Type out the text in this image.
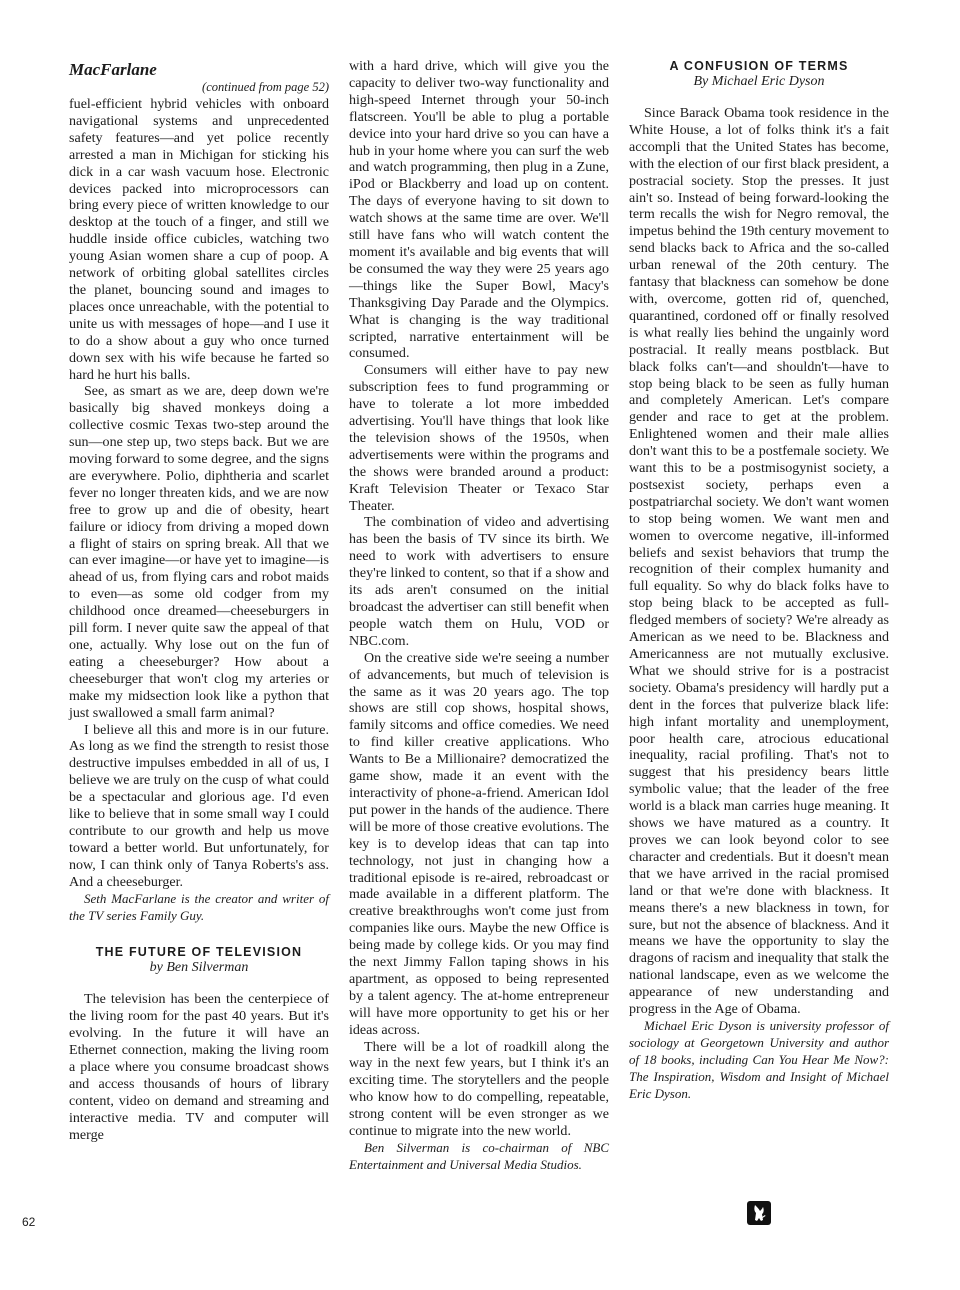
MacFarlane
(continued from page 52)

fuel-efficient hybrid vehicles with onboard navigational systems and unprecedented safety features—and yet police recently arrested a man in Michigan for sticking his dick in a car wash vacuum hose. Electronic devices packed into microprocessors can bring every piece of written knowledge to our desktop at the touch of a finger, and still we huddle inside office cubicles, watching two young Asian women share a cup of poop. A network of orbiting global satellites circles the planet, bouncing sound and images to places once unreachable, with the potential to unite us with messages of hope—and I use it to do a show about a guy who once turned down sex with his wife because he farted so hard he hurt his balls.

See, as smart as we are, deep down we're basically big shaved monkeys doing a collective cosmic Texas two-step around the sun—one step up, two steps back. But we are moving forward to some degree, and the signs are everywhere. Polio, diphtheria and scarlet fever no longer threaten kids, and we are now free to grow up and die of obesity, heart failure or idiocy from driving a moped down a flight of stairs on spring break. All that we can ever imagine—or have yet to imagine—is ahead of us, from flying cars and robot maids to even—as some old codger from my childhood once dreamed—cheeseburgers in pill form. I never quite saw the appeal of that one, actually. Why lose out on the fun of eating a cheeseburger? How about a cheeseburger that won't clog my arteries or make my midsection look like a python that just swallowed a small farm animal?

I believe all this and more is in our future. As long as we find the strength to resist those destructive impulses embedded in all of us, I believe we are truly on the cusp of what could be a spectacular and glorious age. I'd even like to believe that in some small way I could contribute to our growth and help us move toward a better world. But unfortunately, for now, I can think only of Tanya Roberts's ass. And a cheeseburger.

Seth MacFarlane is the creator and writer of the TV series Family Guy.

THE FUTURE OF TELEVISION
by Ben Silverman

The television has been the centerpiece of the living room for the past 40 years. But it's evolving. In the future it will have an Ethernet connection, making the living room a place where you consume broadcast shows and access thousands of hours of library content, video on demand and streaming and interactive media. TV and computer will merge

with a hard drive, which will give you the capacity to deliver two-way functionality and high-speed Internet through your 50-inch flatscreen. You'll be able to plug a portable device into your hard drive so you can have a hub in your home where you can surf the web and watch programming, then plug in a Zune, iPod or Blackberry and load up on content. The days of everyone having to sit down to watch shows at the same time are over. We'll still have fans who will watch content the moment it's available and big events that will be consumed the way they were 25 years ago—things like the Super Bowl, Macy's Thanksgiving Day Parade and the Olympics. What is changing is the way traditional scripted, narrative entertainment will be consumed.

Consumers will either have to pay new subscription fees to fund programming or have to tolerate a lot more imbedded advertising. You'll have things that look like the television shows of the 1950s, when advertisements were within the programs and the shows were branded around a product: Kraft Television Theater or Texaco Star Theater.

The combination of video and advertising has been the basis of TV since its birth. We need to work with advertisers to ensure they're linked to content, so that if a show and its ads aren't consumed on the initial broadcast the advertiser can still benefit when people watch them on Hulu, VOD or NBC.com.

On the creative side we're seeing a number of advancements, but much of television is the same as it was 20 years ago. The top shows are still cop shows, hospital shows, family sitcoms and office comedies. We need to find killer creative applications. Who Wants to Be a Millionaire? democratized the game show, made it an event with the interactivity of phone-a-friend. American Idol put power in the hands of the audience. There will be more of those creative evolutions. The key is to develop ideas that can tap into technology, not just in changing how a traditional episode is re-aired, rebroadcast or made available in a different platform. The creative breakthroughs won't come just from companies like ours. Maybe the new Office is being made by college kids. Or you may find the next Jimmy Fallon taping shows in his apartment, as opposed to being represented by a talent agency. The at-home entrepreneur will have more opportunity to get his or her ideas across.

There will be a lot of roadkill along the way in the next few years, but I think it's an exciting time. The storytellers and the people who know how to do compelling, repeatable, strong content will be even stronger as we continue to migrate into the new world.

Ben Silverman is co-chairman of NBC Entertainment and Universal Media Studios.

A CONFUSION OF TERMS
By Michael Eric Dyson

Since Barack Obama took residence in the White House, a lot of folks think it's a fait accompli that the United States has become, with the election of our first black president, a postracial society. Stop the presses. It just ain't so. Instead of being forward-looking the term recalls the wish for Negro removal, the impetus behind the 19th century movement to send blacks back to Africa and the so-called urban renewal of the 20th century. The fantasy that blackness can somehow be done with, overcome, gotten rid of, quenched, quarantined, cordoned off or finally resolved is what really lies behind the ungainly word postracial. It really means postblack. But black folks can't—and shouldn't—have to stop being black to be seen as fully human and completely American. Let's compare gender and race to get at the problem. Enlightened women and their male allies don't want this to be a postfemale society. We want this to be a postmisogynist society, a postsexist society, perhaps even a postpatriarchal society. We don't want women to stop being women. We want men and women to overcome negative, ill-informed beliefs and sexist behaviors that trump the recognition of their complex humanity and full equality. So why do black folks have to stop being black to be accepted as full-fledged members of society? We're already as American as we need to be. Blackness and Americanness are not mutually exclusive. What we should strive for is a postracist society. Obama's presidency will hardly put a dent in the forces that pulverize black life: high infant mortality and unemployment, poor health care, atrocious educational inequality, racial profiling. That's not to suggest that his presidency bears little symbolic value; that the leader of the free world is a black man carries huge meaning. It shows we have matured as a country. It proves we can look beyond color to see character and credentials. But it doesn't mean that we have arrived in the racial promised land or that we're done with blackness. It means there's a new blackness in town, for sure, but not the absence of blackness. And it means we have the opportunity to slay the dragons of racism and inequality that stalk the national landscape, even as we welcome the appearance of new understanding and progress in the Age of Obama.

Michael Eric Dyson is university professor of sociology at Georgetown University and author of 18 books, including Can You Hear Me Now?: The Inspiration, Wisdom and Insight of Michael Eric Dyson.

62
